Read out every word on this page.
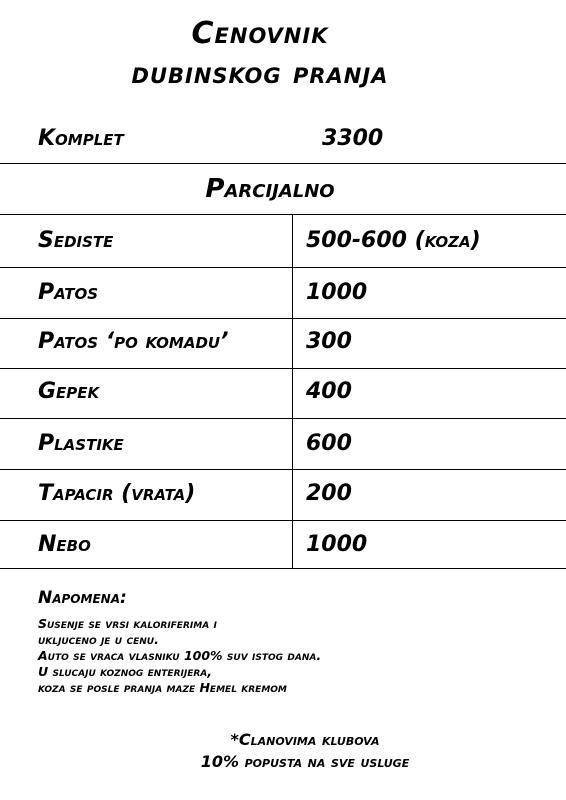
Cenovnik
dubinskog pranja
Komplet	3300
Parcijalno
Sediste	500-600 (koza)
Patos	1000
Patos ‘po komadu’	300
Gepek	400
Plastike	600
Tapacir (vrata)	200
Nebo	1000
Napomena:
Susenje se vrsi kaloriferima i
ukljuceno je u cenu.
Auto se vraca vlasniku 100% suv istog dana.
U slucaju koznog enterijera,
koza se posle pranja maze Hemel kremom
*Clanovima klubova
10% popusta na sve usluge
